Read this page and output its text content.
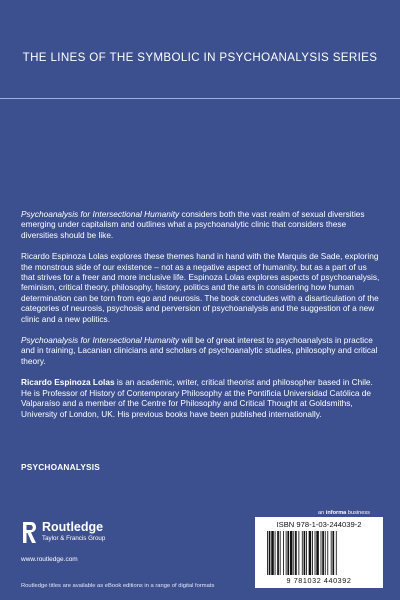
THE LINES OF THE SYMBOLIC IN PSYCHOANALYSIS SERIES

Psychoanalysis for Intersectional Humanity considers both the vast realm of sexual diversities emerging under capitalism and outlines what a psychoanalytic clinic that considers these diversities should be like.

Ricardo Espinoza Lolas explores these themes hand in hand with the Marquis de Sade, exploring the monstrous side of our existence – not as a negative aspect of humanity, but as a part of us that strives for a freer and more inclusive life. Espinoza Lolas explores aspects of psychoanalysis, feminism, critical theory, philosophy, history, politics and the arts in considering how human determination can be torn from ego and neurosis. The book concludes with a disarticulation of the categories of neurosis, psychosis and perversion of psychoanalysis and the suggestion of a new clinic and a new politics.

Psychoanalysis for Intersectional Humanity will be of great interest to psychoanalysts in practice and in training, Lacanian clinicians and scholars of psychoanalytic studies, philosophy and critical theory.

Ricardo Espinoza Lolas is an academic, writer, critical theorist and philosopher based in Chile. He is Professor of History of Contemporary Philosophy at the Pontificia Universidad Católica de Valparaíso and a member of the Centre for Philosophy and Critical Thought at Goldsmiths, University of London, UK. His previous books have been published internationally.

PSYCHOANALYSIS
Routledge
Taylor & Francis Group
www.routledge.com
Routledge titles are available as eBook editions in a range of digital formats
an informa business
ISBN 978-1-03-244039-2
9 781032 440392
